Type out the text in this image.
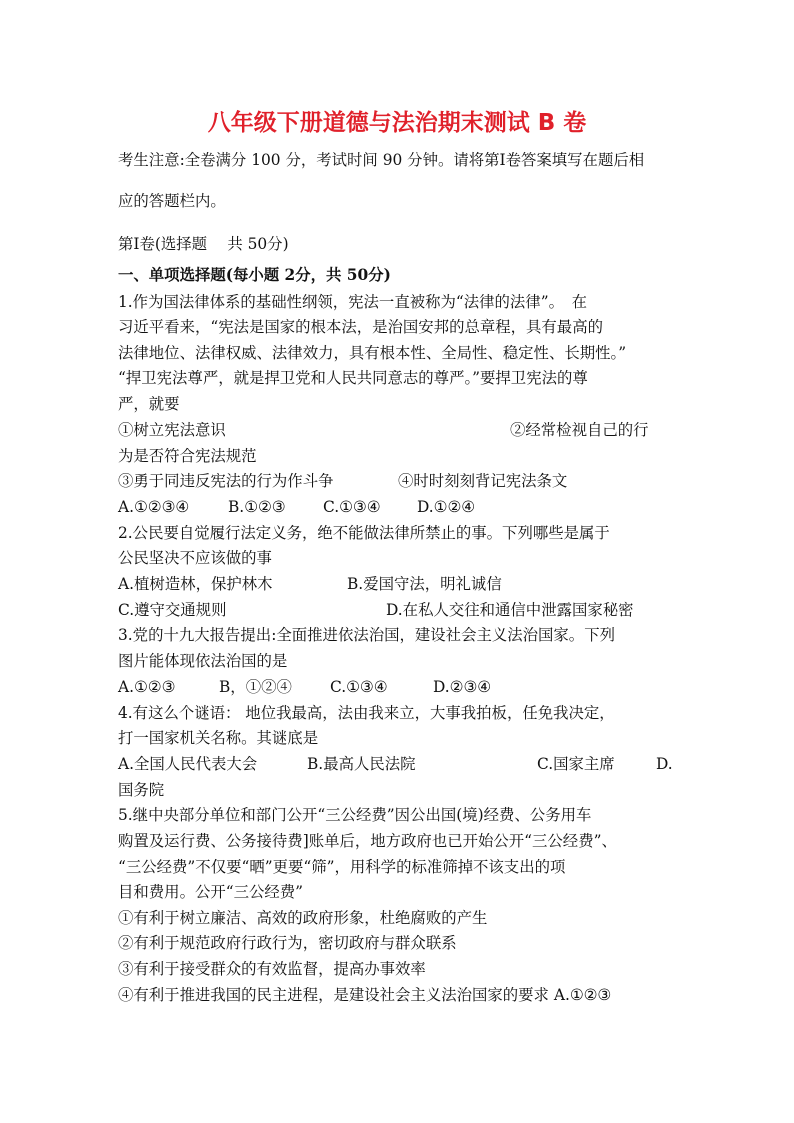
八年级下册道德与法治期末测试 B 卷
考生注意:全卷满分 100 分，考试时间 90 分钟。请将第Ⅰ卷答案填写在题后相
应的答题栏内。
第Ⅰ卷(选择题　 共 50分)
一、单项选择题(每小题 2分，共 50分)
1.作为国法律体系的基础性纲领，宪法一直被称为“法律的法律”。　在
习近平看来，“宪法是国家的根本法，是治国安邦的总章程，具有最高的
法律地位、法律权威、法律效力，具有根本性、全局性、稳定性、长期性。”
“捍卫宪法尊严，就是捍卫党和人民共同意志的尊严。”要捍卫宪法的尊
严，就要
①树立宪法意识	②经常检视自己的行
为是否符合宪法规范
③勇于同违反宪法的行为作斗争	④时时刻刻背记宪法条文
A.①②③④	B.①②③ C.①③④ D.①②④
2.公民要自觉履行法定义务，绝不能做法律所禁止的事。下列哪些是属于
公民坚决不应该做的事
A.植树造林，保护林木	B.爱国守法，明礼诚信
C.遵守交通规则	D.在私人交往和通信中泄露国家秘密
3.党的十九大报告提出:全面推进依法治国，建设社会主义法治国家。下列
图片能体现依法治国的是
A.①②③	B，①②④ C.①③④	D.②③④
4.有这么个谜语： 地位我最高，法由我来立，大事我拍板，任免我决定，
打一国家机关名称。其谜底是
A.全国人民代表大会	B.最高人民法院	C.国家主席	D.
国务院
5.继中央部分单位和部门公开“三公经费”因公出国(境)经费、公务用车
购置及运行费、公务接待费]账单后，地方政府也已开始公开“三公经费”、
“三公经费”不仅要“晒”更要“筛”，用科学的标准筛掉不该支出的项
目和费用。公开“三公经费”
①有利于树立廉洁、高效的政府形象，杜绝腐败的产生
②有利于规范政府行政行为，密切政府与群众联系
③有利于接受群众的有效监督，提高办事效率
④有利于推进我国的民主进程，是建设社会主义法治国家的要求 A.①②③
